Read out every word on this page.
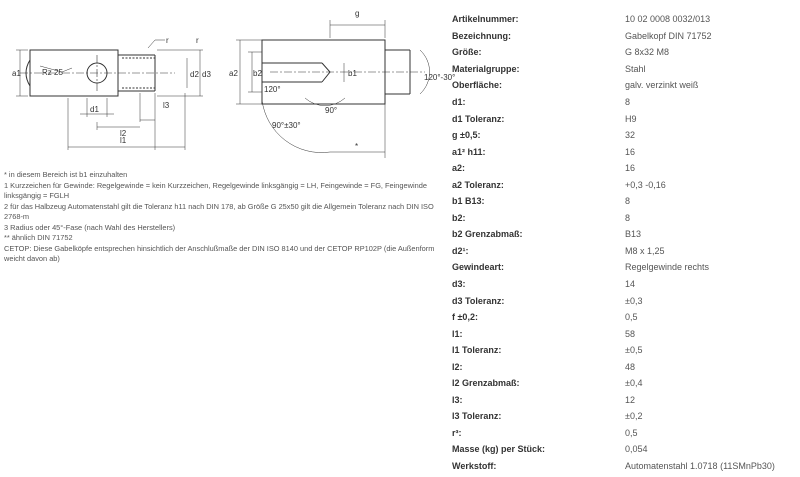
a1	Rz 25
d1
l2
l3
l1
d2 d3
r	r
a2 b2	b1
120°
120°-30°
g
90°
90°±30°
*
* in diesem Bereich ist b1 einzuhalten
1 Kurzzeichen für Gewinde: Regelgewinde = kein Kurzzeichen, Regelgewinde linksgängig = LH, Feingewinde = FG, Feingewinde linksgängig = FGLH
2 für das Halbzeug Automatenstahl gilt die Toleranz h11 nach DIN 178, ab Größe G 25x50 gilt die Allgemein Toleranz nach DIN ISO 2768-m
3 Radius oder 45°-Fase (nach Wahl des Herstellers)
** ähnlich DIN 71752
CETOP: Diese Gabelköpfe entsprechen hinsichtlich der Anschlußmaße der DIN ISO 8140 und der CETOP RP102P (die Außenform weicht davon ab)
Artikelnummer:	10 02 0008 0032/013
Bezeichnung:	Gabelkopf DIN 71752
Größe:	G 8x32 M8
Materialgruppe:	Stahl
Oberfläche:	galv. verzinkt weiß
d1:	8
d1 Toleranz:	H9
g ±0,5:	32
a1² h11:	16
a2:	16
a2 Toleranz:	+0,3 -0,16
b1 B13:	8
b2:	8
b2 Grenzabmaß:	B13
d2¹:	M8 x 1,25
Gewindeart:	Regelgewinde rechts
d3:	14
d3 Toleranz:	±0,3
f ±0,2:	0,5
l1:	58
l1 Toleranz:	±0,5
l2:	48
l2 Grenzabmaß:	±0,4
l3:	12
l3 Toleranz:	±0,2
r³:	0,5
Masse (kg) per Stück:	0,054
Werkstoff:	Automatenstahl 1.0718 (11SMnPb30)
